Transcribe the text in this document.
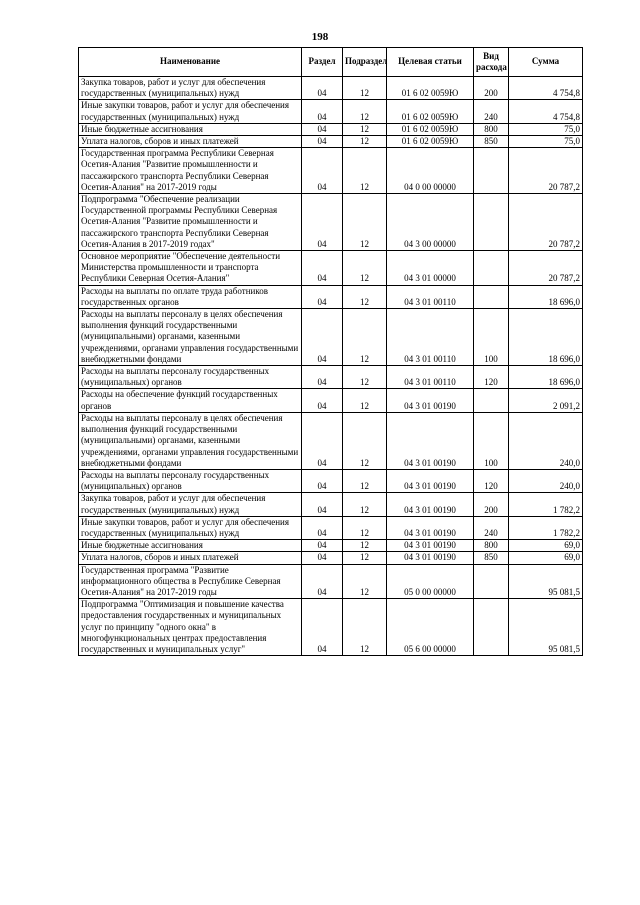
198
Наименование	Раздел	Подраздел	Целевая статьи	Вид расхода	Сумма
Закупка товаров, работ и услуг для обеспечения государственных (муниципальных) нужд	04	12	01 6 02 0059Ю	200	4 754,8
Иные закупки товаров, работ и услуг для обеспечения государственных (муниципальных) нужд	04	12	01 6 02 0059Ю	240	4 754,8
Иные бюджетные ассигнования	04	12	01 6 02 0059Ю	800	75,0
Уплата налогов, сборов и иных платежей	04	12	01 6 02 0059Ю	850	75,0
Государственная программа Республики Северная Осетия-Алания "Развитие промышленности и пассажирского транспорта Республики Северная Осетия-Алания" на 2017-2019 годы	04	12	04 0 00 00000		20 787,2
Подпрограмма "Обеспечение реализации Государственной программы Республики Северная Осетия-Алания "Развитие промышленности и пассажирского транспорта Республики Северная Осетия-Алания в 2017-2019 годах"	04	12	04 3 00 00000		20 787,2
Основное мероприятие "Обеспечение деятельности Министерства промышленности и транспорта Республики Северная Осетия-Алания"	04	12	04 3 01 00000		20 787,2
Расходы на выплаты по оплате труда работников государственных органов	04	12	04 3 01 00110		18 696,0
Расходы на выплаты персоналу в целях обеспечения выполнения функций государственными (муниципальными) органами, казенными учреждениями, органами управления государственными внебюджетными фондами	04	12	04 3 01 00110	100	18 696,0
Расходы на выплаты персоналу государственных (муниципальных) органов	04	12	04 3 01 00110	120	18 696,0
Расходы на обеспечение функций государственных органов	04	12	04 3 01 00190		2 091,2
Расходы на выплаты персоналу в целях обеспечения выполнения функций государственными (муниципальными) органами, казенными учреждениями, органами управления государственными внебюджетными фондами	04	12	04 3 01 00190	100	240,0
Расходы на выплаты персоналу государственных (муниципальных) органов	04	12	04 3 01 00190	120	240,0
Закупка товаров, работ и услуг для обеспечения государственных (муниципальных) нужд	04	12	04 3 01 00190	200	1 782,2
Иные закупки товаров, работ и услуг для обеспечения государственных (муниципальных) нужд	04	12	04 3 01 00190	240	1 782,2
Иные бюджетные ассигнования	04	12	04 3 01 00190	800	69,0
Уплата налогов, сборов и иных платежей	04	12	04 3 01 00190	850	69,0
Государственная программа "Развитие информационного общества в Республике Северная Осетия-Алания" на 2017-2019 годы	04	12	05 0 00 00000		95 081,5
Подпрограмма "Оптимизация и повышение качества предоставления государственных и муниципальных услуг по принципу "одного окна" в многофункциональных центрах предоставления государственных и муниципальных услуг"	04	12	05 6 00 00000		95 081,5
